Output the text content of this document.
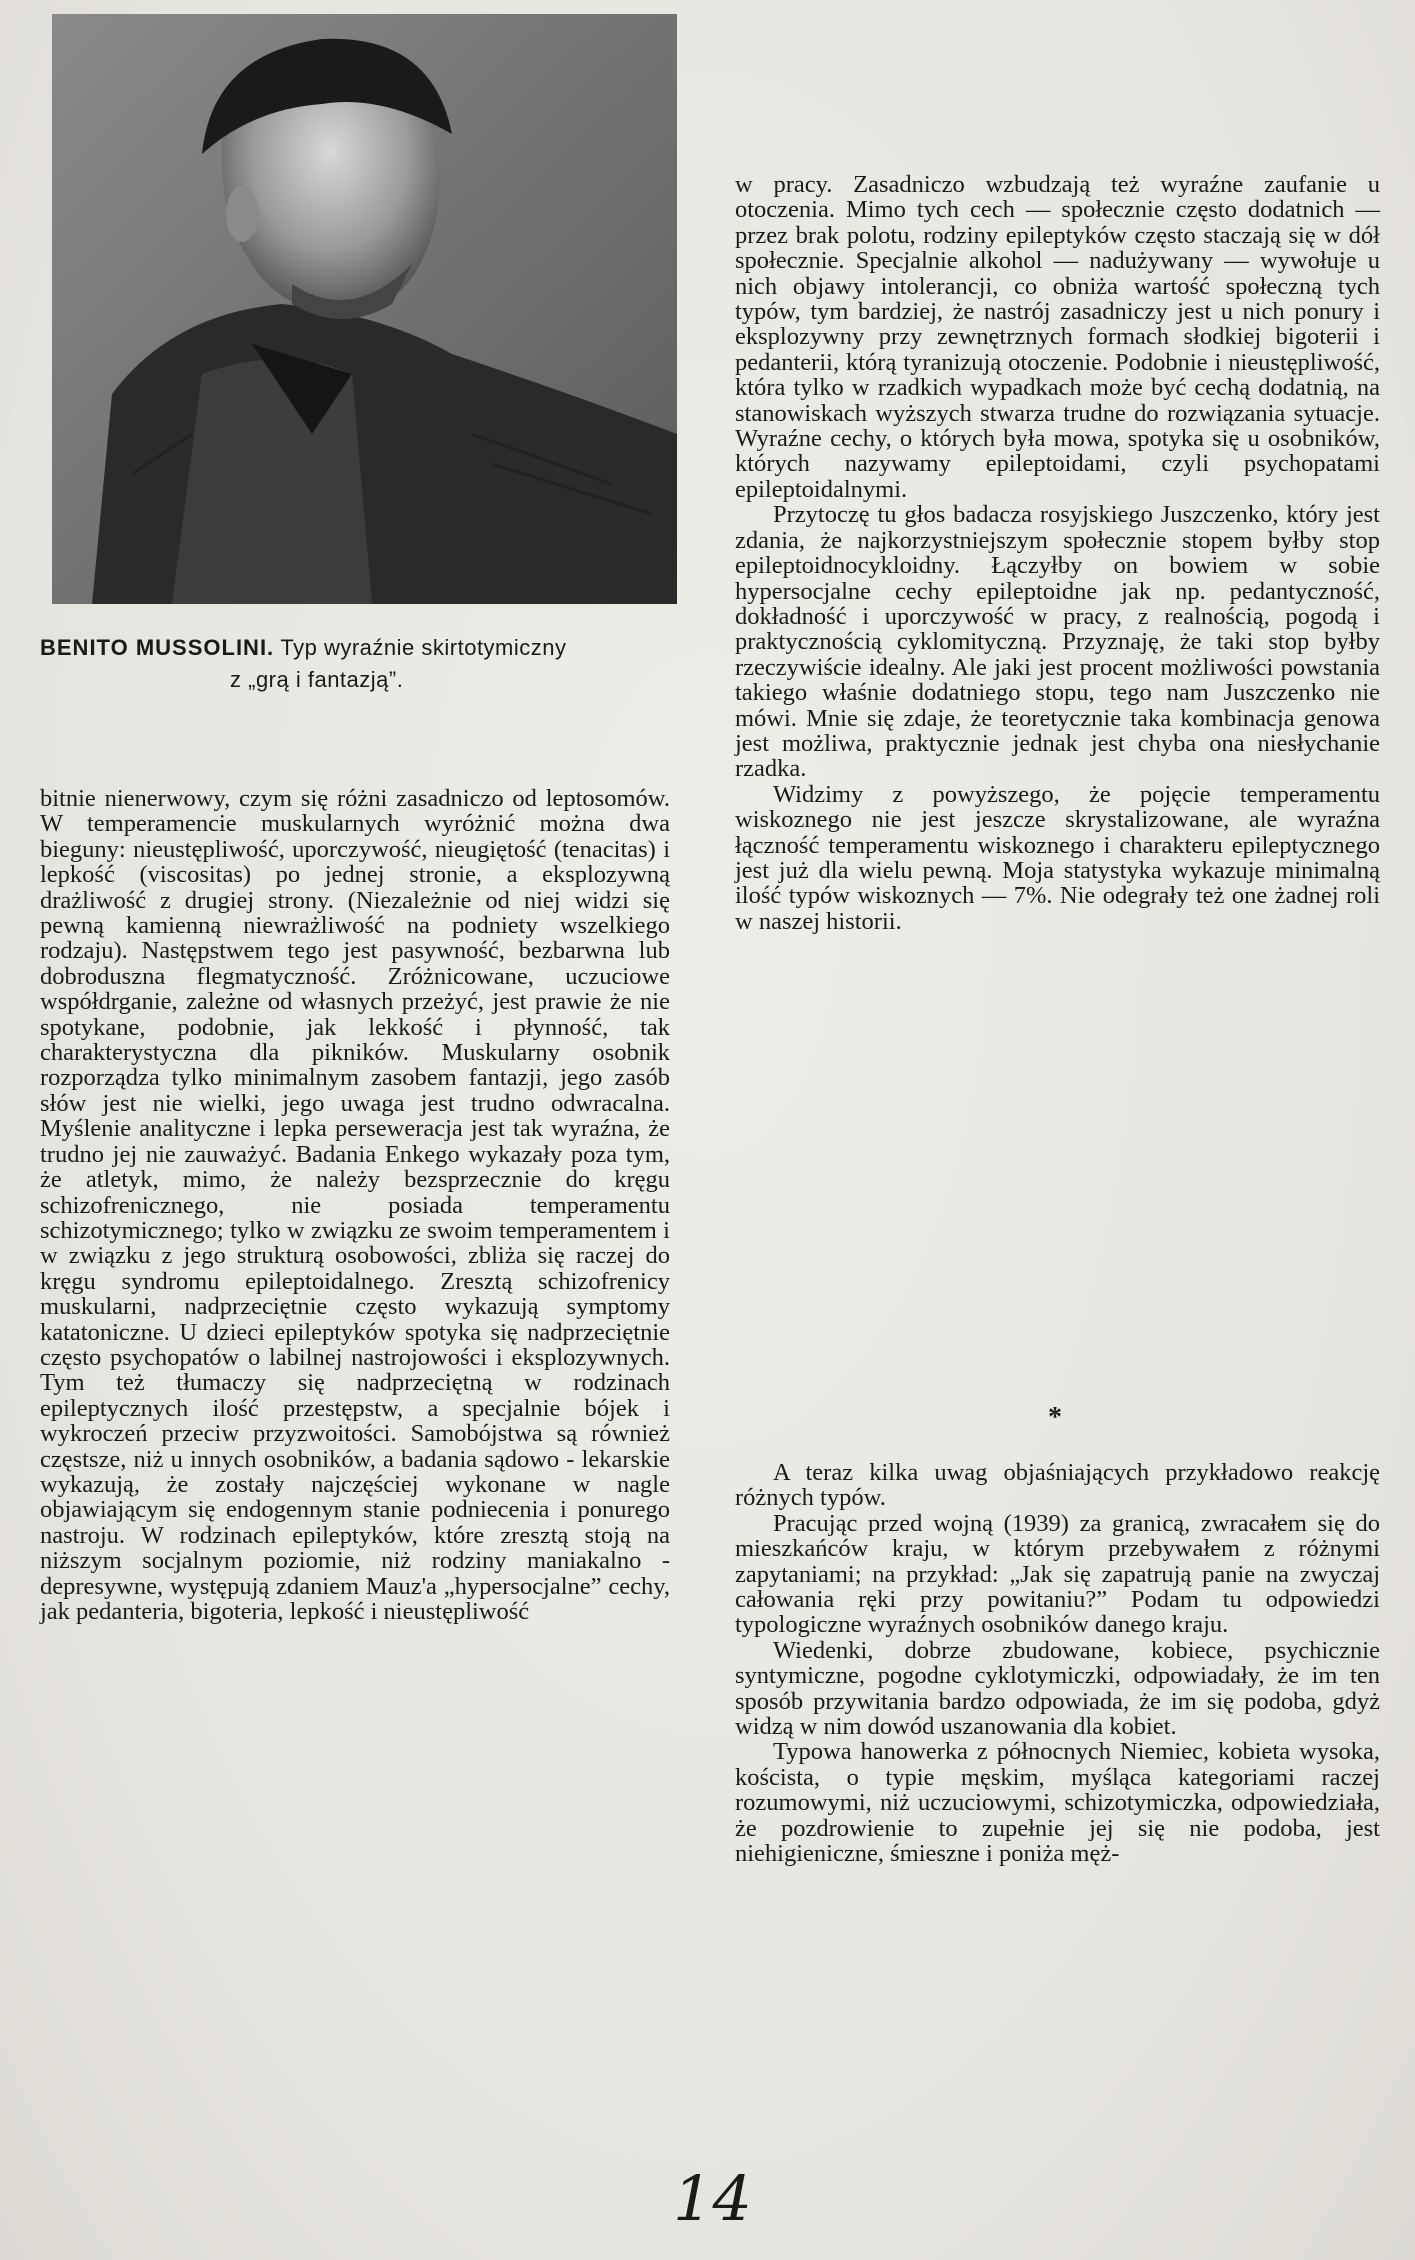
BENITO MUSSOLINI. Typ wyraźnie skirtotymiczny
z „grą i fantazją”.

bitnie nienerwowy, czym się różni zasadniczo od leptosomów. W temperamencie muskularnych wyróżnić można dwa bieguny: nieustępliwość, uporczywość, nieugiętość (tenacitas) i lepkość (viscositas) po jednej stronie, a eksplozywną drażliwość z drugiej strony. (Niezależnie od niej widzi się pewną kamienną niewrażliwość na podniety wszelkiego rodzaju). Następstwem tego jest pasywność, bezbarwna lub dobroduszna flegmatyczność. Zróżnicowane, uczuciowe współdrganie, zależne od własnych przeżyć, jest prawie że nie spotykane, podobnie, jak lekkość i płynność, tak charakterystyczna dla pikników. Muskularny osobnik rozporządza tylko minimalnym zasobem fantazji, jego zasób słów jest nie wielki, jego uwaga jest trudno odwracalna. Myślenie analityczne i lepka perseweracja jest tak wyraźna, że trudno jej nie zauważyć. Badania Enkego wykazały poza tym, że atletyk, mimo, że należy bezsprzecznie do kręgu schizofrenicznego, nie posiada temperamentu schizotymicznego; tylko w związku ze swoim temperamentem i w związku z jego strukturą osobowości, zbliża się raczej do kręgu syndromu epileptoidalnego. Zresztą schizofrenicy muskularni, nadprzeciętnie często wykazują symptomy katatoniczne. U dzieci epileptyków spotyka się nadprzeciętnie często psychopatów o labilnej nastrojowości i eksplozywnych. Tym też tłumaczy się nadprzeciętną w rodzinach epileptycznych ilość przestępstw, a specjalnie bójek i wykroczeń przeciw przyzwoitości. Samobójstwa są również częstsze, niż u innych osobników, a badania sądowo - lekarskie wykazują, że zostały najczęściej wykonane w nagle objawiającym się endogennym stanie podniecenia i ponurego nastroju. W rodzinach epileptyków, które zresztą stoją na niższym socjalnym poziomie, niż rodziny maniakalno - depresywne, występują zdaniem Mauz'a „hypersocjalne” cechy, jak pedanteria, bigoteria, lepkość i nieustępliwość

w pracy. Zasadniczo wzbudzają też wyraźne zaufanie u otoczenia. Mimo tych cech — społecznie często dodatnich — przez brak polotu, rodziny epileptyków często staczają się w dół społecznie. Specjalnie alkohol — nadużywany — wywołuje u nich objawy intolerancji, co obniża wartość społeczną tych typów, tym bardziej, że nastrój zasadniczy jest u nich ponury i eksplozywny przy zewnętrznych formach słodkiej bigoterii i pedanterii, którą tyranizują otoczenie. Podobnie i nieustępliwość, która tylko w rzadkich wypadkach może być cechą dodatnią, na stanowiskach wyższych stwarza trudne do rozwiązania sytuacje. Wyraźne cechy, o których była mowa, spotyka się u osobników, których nazywamy epileptoidami, czyli psychopatami epileptoidalnymi.

Przytoczę tu głos badacza rosyjskiego Juszczenko, który jest zdania, że najkorzystniejszym społecznie stopem byłby stop epileptoidnocykloidny. Łączyłby on bowiem w sobie hypersocjalne cechy epileptoidne jak np. pedantyczność, dokładność i uporczywość w pracy, z realnością, pogodą i praktycznością cyklomityczną. Przyznaję, że taki stop byłby rzeczywiście idealny. Ale jaki jest procent możliwości powstania takiego właśnie dodatniego stopu, tego nam Juszczenko nie mówi. Mnie się zdaje, że teoretycznie taka kombinacja genowa jest możliwa, praktycznie jednak jest chyba ona niesłychanie rzadka.

Widzimy z powyższego, że pojęcie temperamentu wiskoznego nie jest jeszcze skrystalizowane, ale wyraźna łączność temperamentu wiskoznego i charakteru epileptycznego jest już dla wielu pewną. Moja statystyka wykazuje minimalną ilość typów wiskoznych — 7%. Nie odegrały też one żadnej roli w naszej historii.

*

A teraz kilka uwag objaśniających przykładowo reakcję różnych typów.

Pracując przed wojną (1939) za granicą, zwracałem się do mieszkańców kraju, w którym przebywałem z różnymi zapytaniami; na przykład: „Jak się zapatrują panie na zwyczaj całowania ręki przy powitaniu?” Podam tu odpowiedzi typologiczne wyraźnych osobników danego kraju.

Wiedenki, dobrze zbudowane, kobiece, psychicznie syntymiczne, pogodne cyklotymiczki, odpowiadały, że im ten sposób przywitania bardzo odpowiada, że im się podoba, gdyż widzą w nim dowód uszanowania dla kobiet.

Typowa hanowerka z północnych Niemiec, kobieta wysoka, koścista, o typie męskim, myśląca kategoriami raczej rozumowymi, niż uczuciowymi, schizotymiczka, odpowiedziała, że pozdrowienie to zupełnie jej się nie podoba, jest niehigieniczne, śmieszne i poniża męż-

14
